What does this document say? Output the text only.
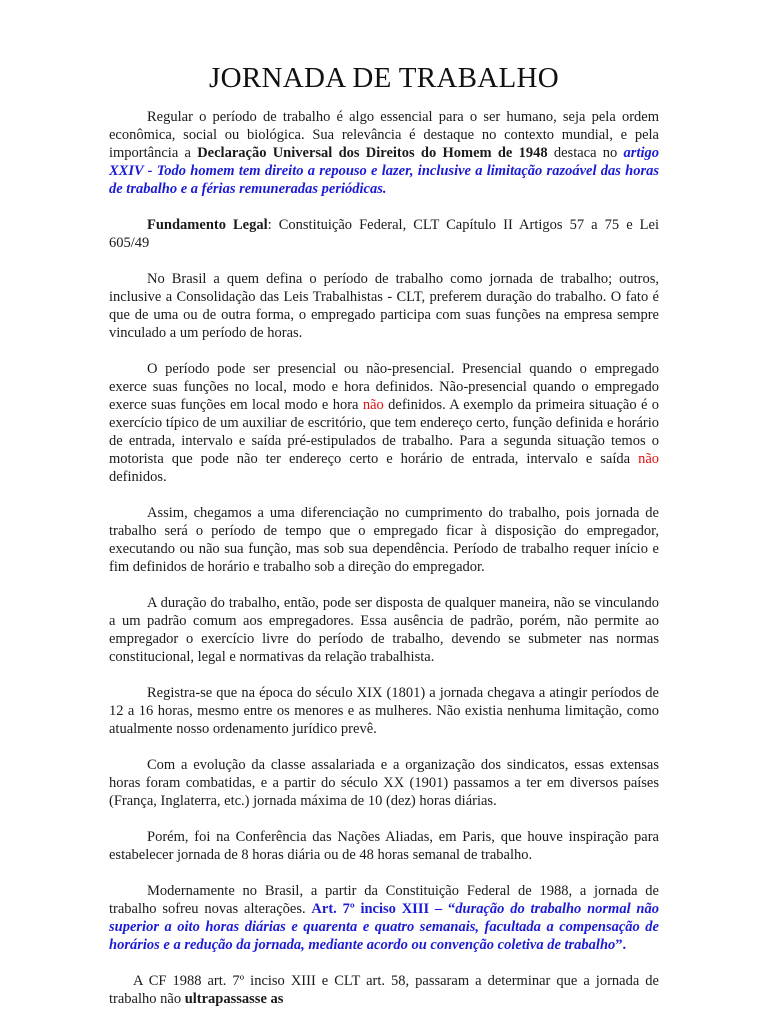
JORNADA DE TRABALHO

Regular o período de trabalho é algo essencial para o ser humano, seja pela ordem econômica, social ou biológica. Sua relevância é destaque no contexto mundial, e pela importância a Declaração Universal dos Direitos do Homem de 1948 destaca no artigo XXIV - Todo homem tem direito a repouso e lazer, inclusive a limitação razoável das horas de trabalho e a férias remuneradas periódicas.

Fundamento Legal: Constituição Federal, CLT Capítulo II Artigos 57 a 75 e Lei 605/49

No Brasil a quem defina o período de trabalho como jornada de trabalho; outros, inclusive a Consolidação das Leis Trabalhistas - CLT, preferem duração do trabalho. O fato é que de uma ou de outra forma, o empregado participa com suas funções na empresa sempre vinculado a um período de horas.

O período pode ser presencial ou não-presencial. Presencial quando o empregado exerce suas funções no local, modo e hora definidos. Não-presencial quando o empregado exerce suas funções em local modo e hora não definidos. A exemplo da primeira situação é o exercício típico de um auxiliar de escritório, que tem endereço certo, função definida e horário de entrada, intervalo e saída pré-estipulados de trabalho. Para a segunda situação temos o motorista que pode não ter endereço certo e horário de entrada, intervalo e saída não definidos.

Assim, chegamos a uma diferenciação no cumprimento do trabalho, pois jornada de trabalho será o período de tempo que o empregado ficar à disposição do empregador, executando ou não sua função, mas sob sua dependência. Período de trabalho requer início e fim definidos de horário e trabalho sob a direção do empregador.

A duração do trabalho, então, pode ser disposta de qualquer maneira, não se vinculando a um padrão comum aos empregadores. Essa ausência de padrão, porém, não permite ao empregador o exercício livre do período de trabalho, devendo se submeter nas normas constitucional, legal e normativas da relação trabalhista.

Registra-se que na época do século XIX (1801) a jornada chegava a atingir períodos de 12 a 16 horas, mesmo entre os menores e as mulheres. Não existia nenhuma limitação, como atualmente nosso ordenamento jurídico prevê.

Com a evolução da classe assalariada e a organização dos sindicatos, essas extensas horas foram combatidas, e a partir do século XX (1901) passamos a ter em diversos países (França, Inglaterra, etc.) jornada máxima de 10 (dez) horas diárias.

Porém, foi na Conferência das Nações Aliadas, em Paris, que houve inspiração para estabelecer jornada de 8 horas diária ou de 48 horas semanal de trabalho.

Modernamente no Brasil, a partir da Constituição Federal de 1988, a jornada de trabalho sofreu novas alterações. Art. 7º inciso XIII – “duração do trabalho normal não superior a oito horas diárias e quarenta e quatro semanais, facultada a compensação de horários e a redução da jornada, mediante acordo ou convenção coletiva de trabalho”.

A CF 1988 art. 7º inciso XIII e CLT art. 58, passaram a determinar que a jornada de trabalho não ultrapassasse as
